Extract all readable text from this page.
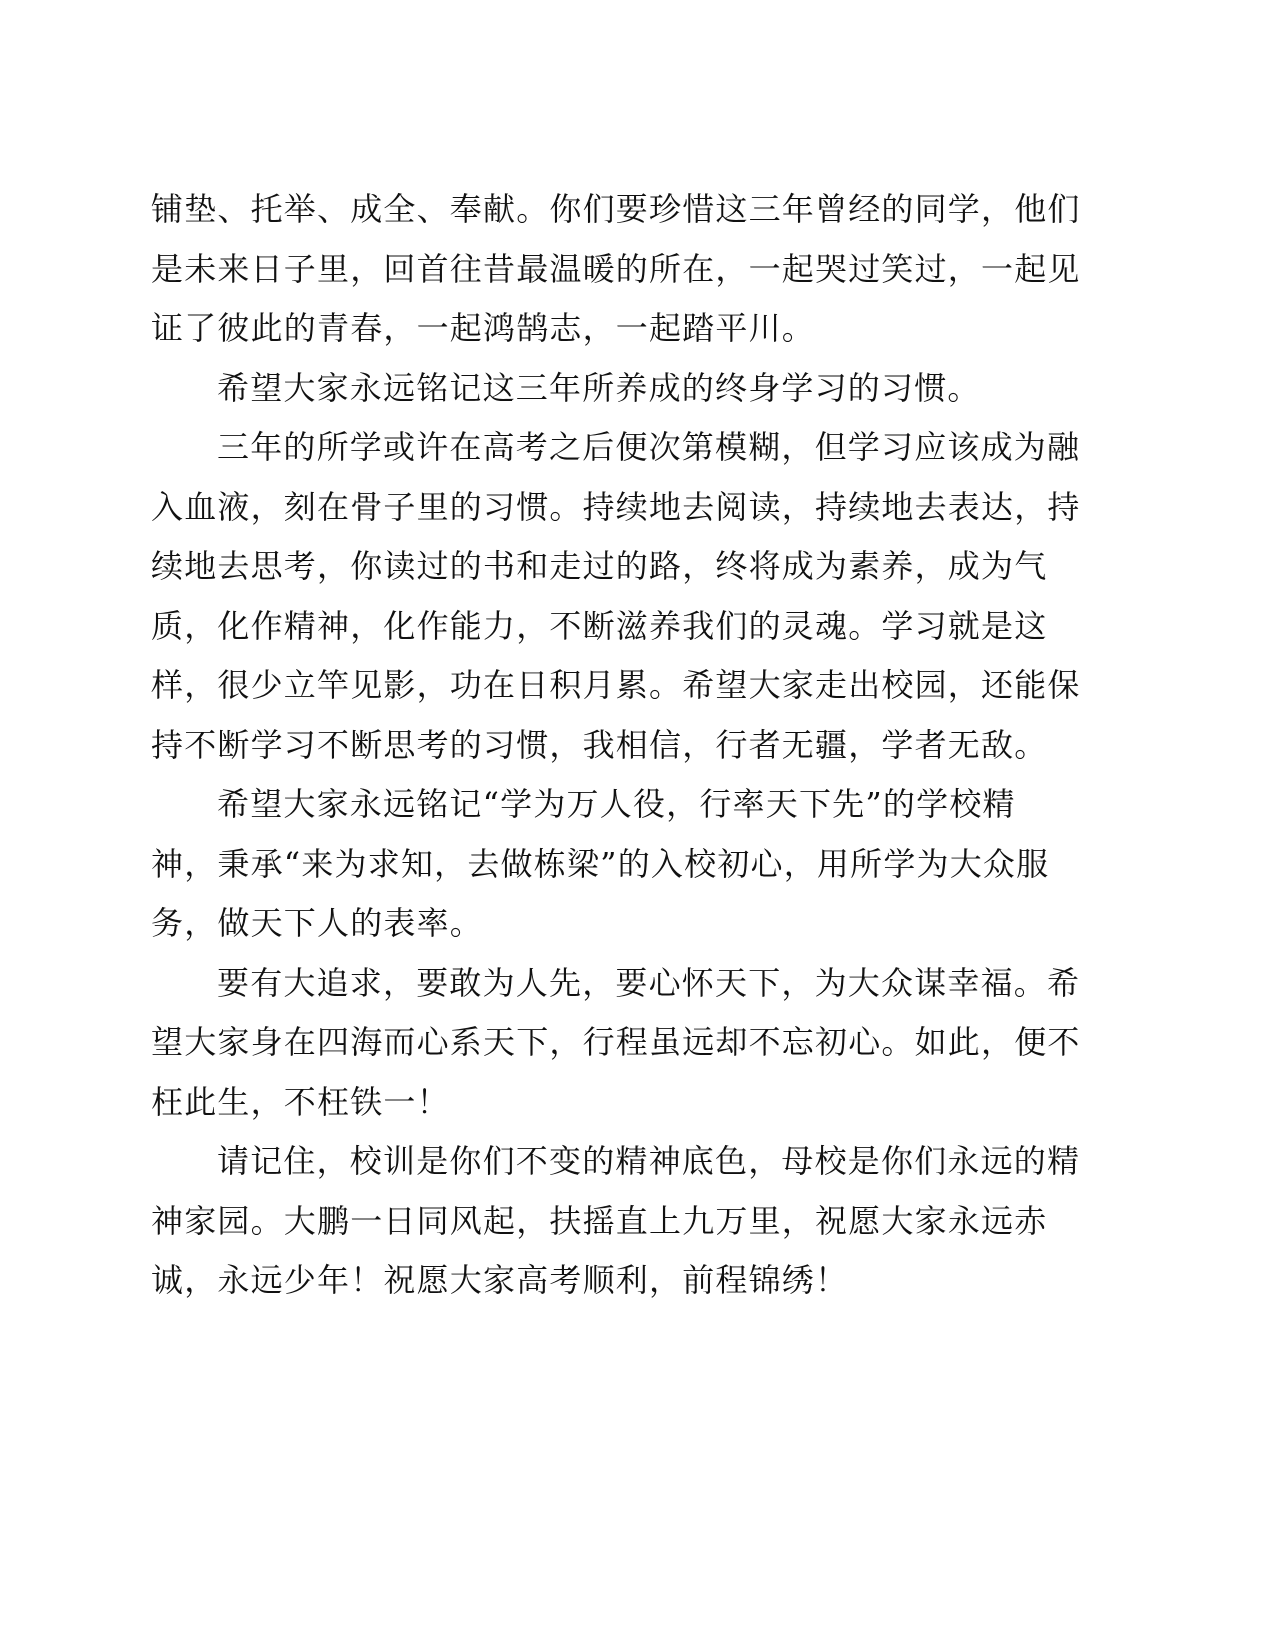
铺垫、托举、成全、奉献。你们要珍惜这三年曾经的同学，他们
是未来日子里，回首往昔最温暖的所在，一起哭过笑过，一起见
证了彼此的青春，一起鸿鹄志，一起踏平川。
希望大家永远铭记这三年所养成的终身学习的习惯。
三年的所学或许在高考之后便次第模糊，但学习应该成为融
入血液，刻在骨子里的习惯。持续地去阅读，持续地去表达，持
续地去思考，你读过的书和走过的路，终将成为素养，成为气
质，化作精神，化作能力，不断滋养我们的灵魂。学习就是这
样，很少立竿见影，功在日积月累。希望大家走出校园，还能保
持不断学习不断思考的习惯，我相信，行者无疆，学者无敌。
希望大家永远铭记“学为万人役，行率天下先”的学校精
神，秉承“来为求知，去做栋梁”的入校初心，用所学为大众服
务，做天下人的表率。
要有大追求，要敢为人先，要心怀天下，为大众谋幸福。希
望大家身在四海而心系天下，行程虽远却不忘初心。如此，便不
枉此生，不枉铁一！
请记住，校训是你们不变的精神底色，母校是你们永远的精
神家园。大鹏一日同风起，扶摇直上九万里，祝愿大家永远赤
诚，永远少年！祝愿大家高考顺利，前程锦绣！
